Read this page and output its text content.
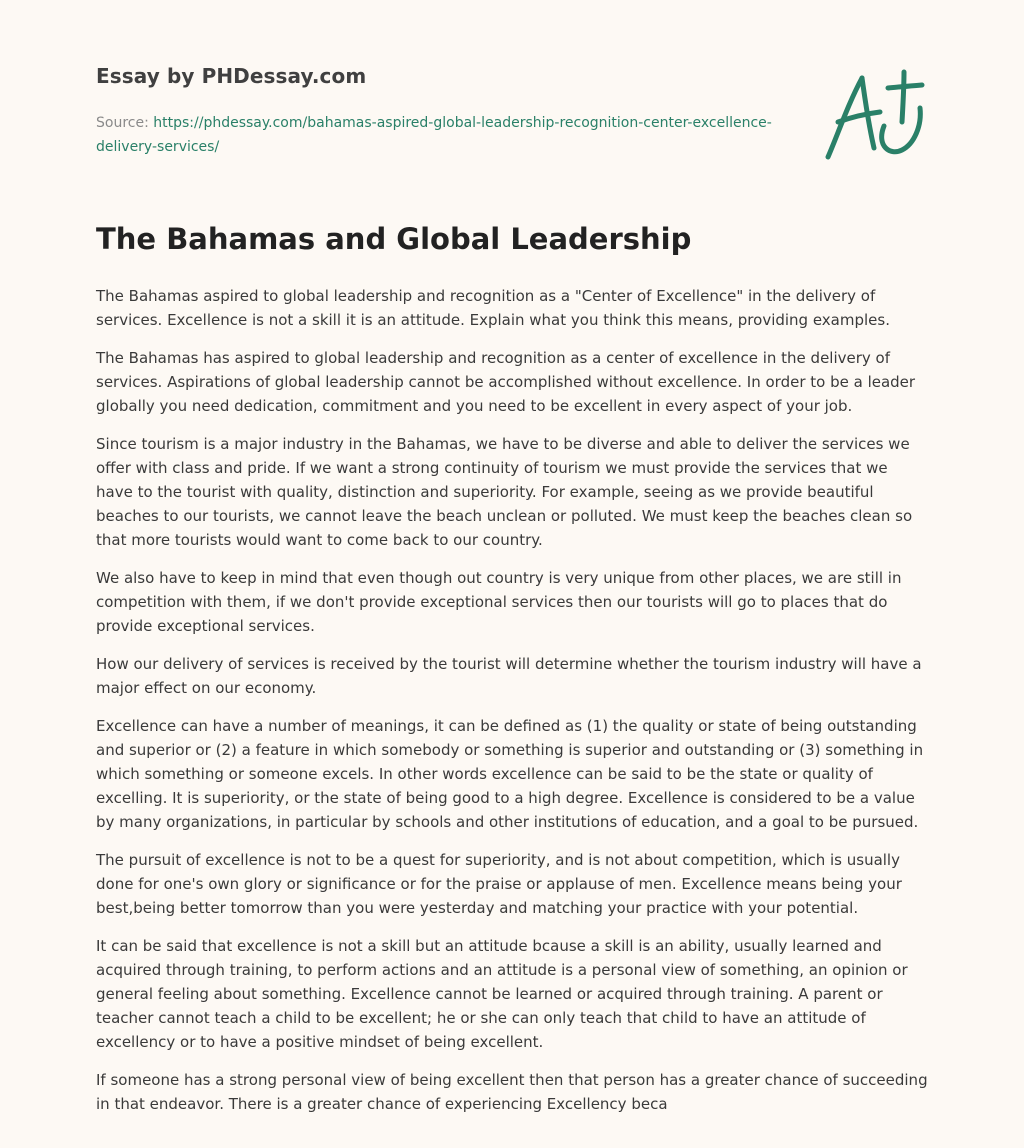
Essay by PHDessay.com
Source: https://phdessay.com/bahamas-aspired-global-leadership-recognition-center-excellence-delivery-services/
The Bahamas and Global Leadership

The Bahamas aspired to global leadership and recognition as a "Center of Excellence" in the delivery of services. Excellence is not a skill it is an attitude. Explain what you think this means, providing examples.

The Bahamas has aspired to global leadership and recognition as a center of excellence in the delivery of services. Aspirations of global leadership cannot be accomplished without excellence. In order to be a leader globally you need dedication, commitment and you need to be excellent in every aspect of your job.

Since tourism is a major industry in the Bahamas, we have to be diverse and able to deliver the services we offer with class and pride. If we want a strong continuity of tourism we must provide the services that we have to the tourist with quality, distinction and superiority. For example, seeing as we provide beautiful beaches to our tourists, we cannot leave the beach unclean or polluted. We must keep the beaches clean so that more tourists would want to come back to our country.

We also have to keep in mind that even though out country is very unique from other places, we are still in competition with them, if we don't provide exceptional services then our tourists will go to places that do provide exceptional services.

How our delivery of services is received by the tourist will determine whether the tourism industry will have a major effect on our economy.

Excellence can have a number of meanings, it can be defined as (1) the quality or state of being outstanding and superior or (2) a feature in which somebody or something is superior and outstanding or (3) something in which something or someone excels. In other words excellence can be said to be the state or quality of excelling. It is superiority, or the state of being good to a high degree. Excellence is considered to be a value by many organizations, in particular by schools and other institutions of education, and a goal to be pursued.

The pursuit of excellence is not to be a quest for superiority, and is not about competition, which is usually done for one's own glory or significance or for the praise or applause of men. Excellence means being your best,being better tomorrow than you were yesterday and matching your practice with your potential.

It can be said that excellence is not a skill but an attitude bcause a skill is an ability, usually learned and acquired through training, to perform actions and an attitude is a personal view of something, an opinion or general feeling about something. Excellence cannot be learned or acquired through training. A parent or teacher cannot teach a child to be excellent; he or she can only teach that child to have an attitude of excellency or to have a positive mindset of being excellent.

If someone has a strong personal view of being excellent then that person has a greater chance of succeeding in that endeavor. There is a greater chance of experiencing Excellency beca
